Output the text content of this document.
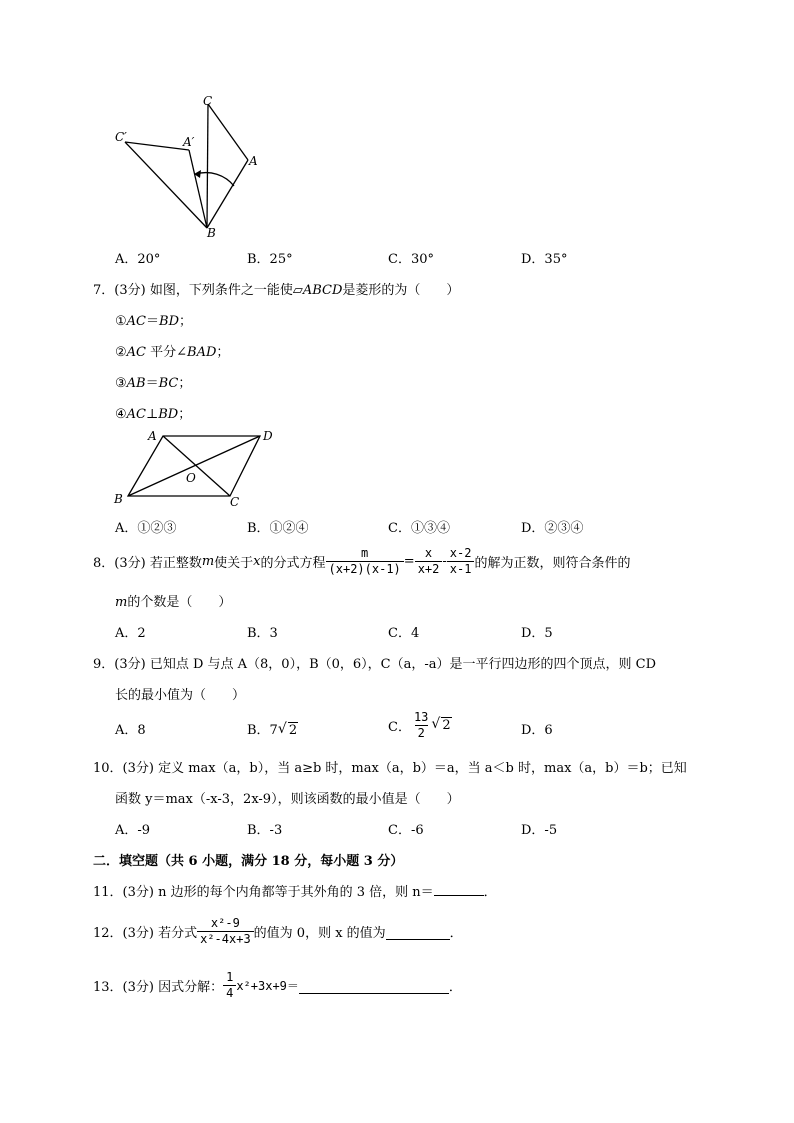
C
C′	A′
A
B
A．20°	B．25°	C．30°	D．35°
7．(3分) 如图，下列条件之一能使▱ABCD是菱形的为（　　）
①AC＝BD；
②AC 平分∠BAD；
③AB＝BC；
④AC⊥BD；
A	D
O
B	C
A．①②③	B．①②④	C．①③④	D．②③④
8．(3分) 若正整数 m 使关于 x 的分式方程 $\frac{m}{(x+2)(x-1)} = \frac{x}{x+2} - \frac{x-2}{x-1}$ 的解为正数，则符合条件的
m的个数是（　　）
A．2	B．3	C．4	D．5
9．(3分) 已知点 D 与点 A（8，0），B（0，6），C（a，-a）是一平行四边形的四个顶点，则 CD
长的最小值为（　　）
A．8	B．7 √ 2	C． $\frac{13}{2}$ √ 2	D．6
10．(3分) 定义 max（a，b），当 a≥b 时，max（a，b）＝a，当 a＜b 时，max（a，b）＝b；已知
函数 y＝max（-x-3，2x-9），则该函数的最小值是（　　）
A．-9	B．-3	C．-6	D．-5
二．填空题（共 6 小题，满分 18 分，每小题 3 分）
11．(3分) n 边形的每个内角都等于其外角的 3 倍，则 n＝	．
12．(3分) 若分式 $\frac{\text{x²-9}}{\text{x²-4x+3}}$ 的值为 0，则 x 的值为	．
13．(3分) 因式分解： $\frac{1}{4} x^2+3x+9=$	．
